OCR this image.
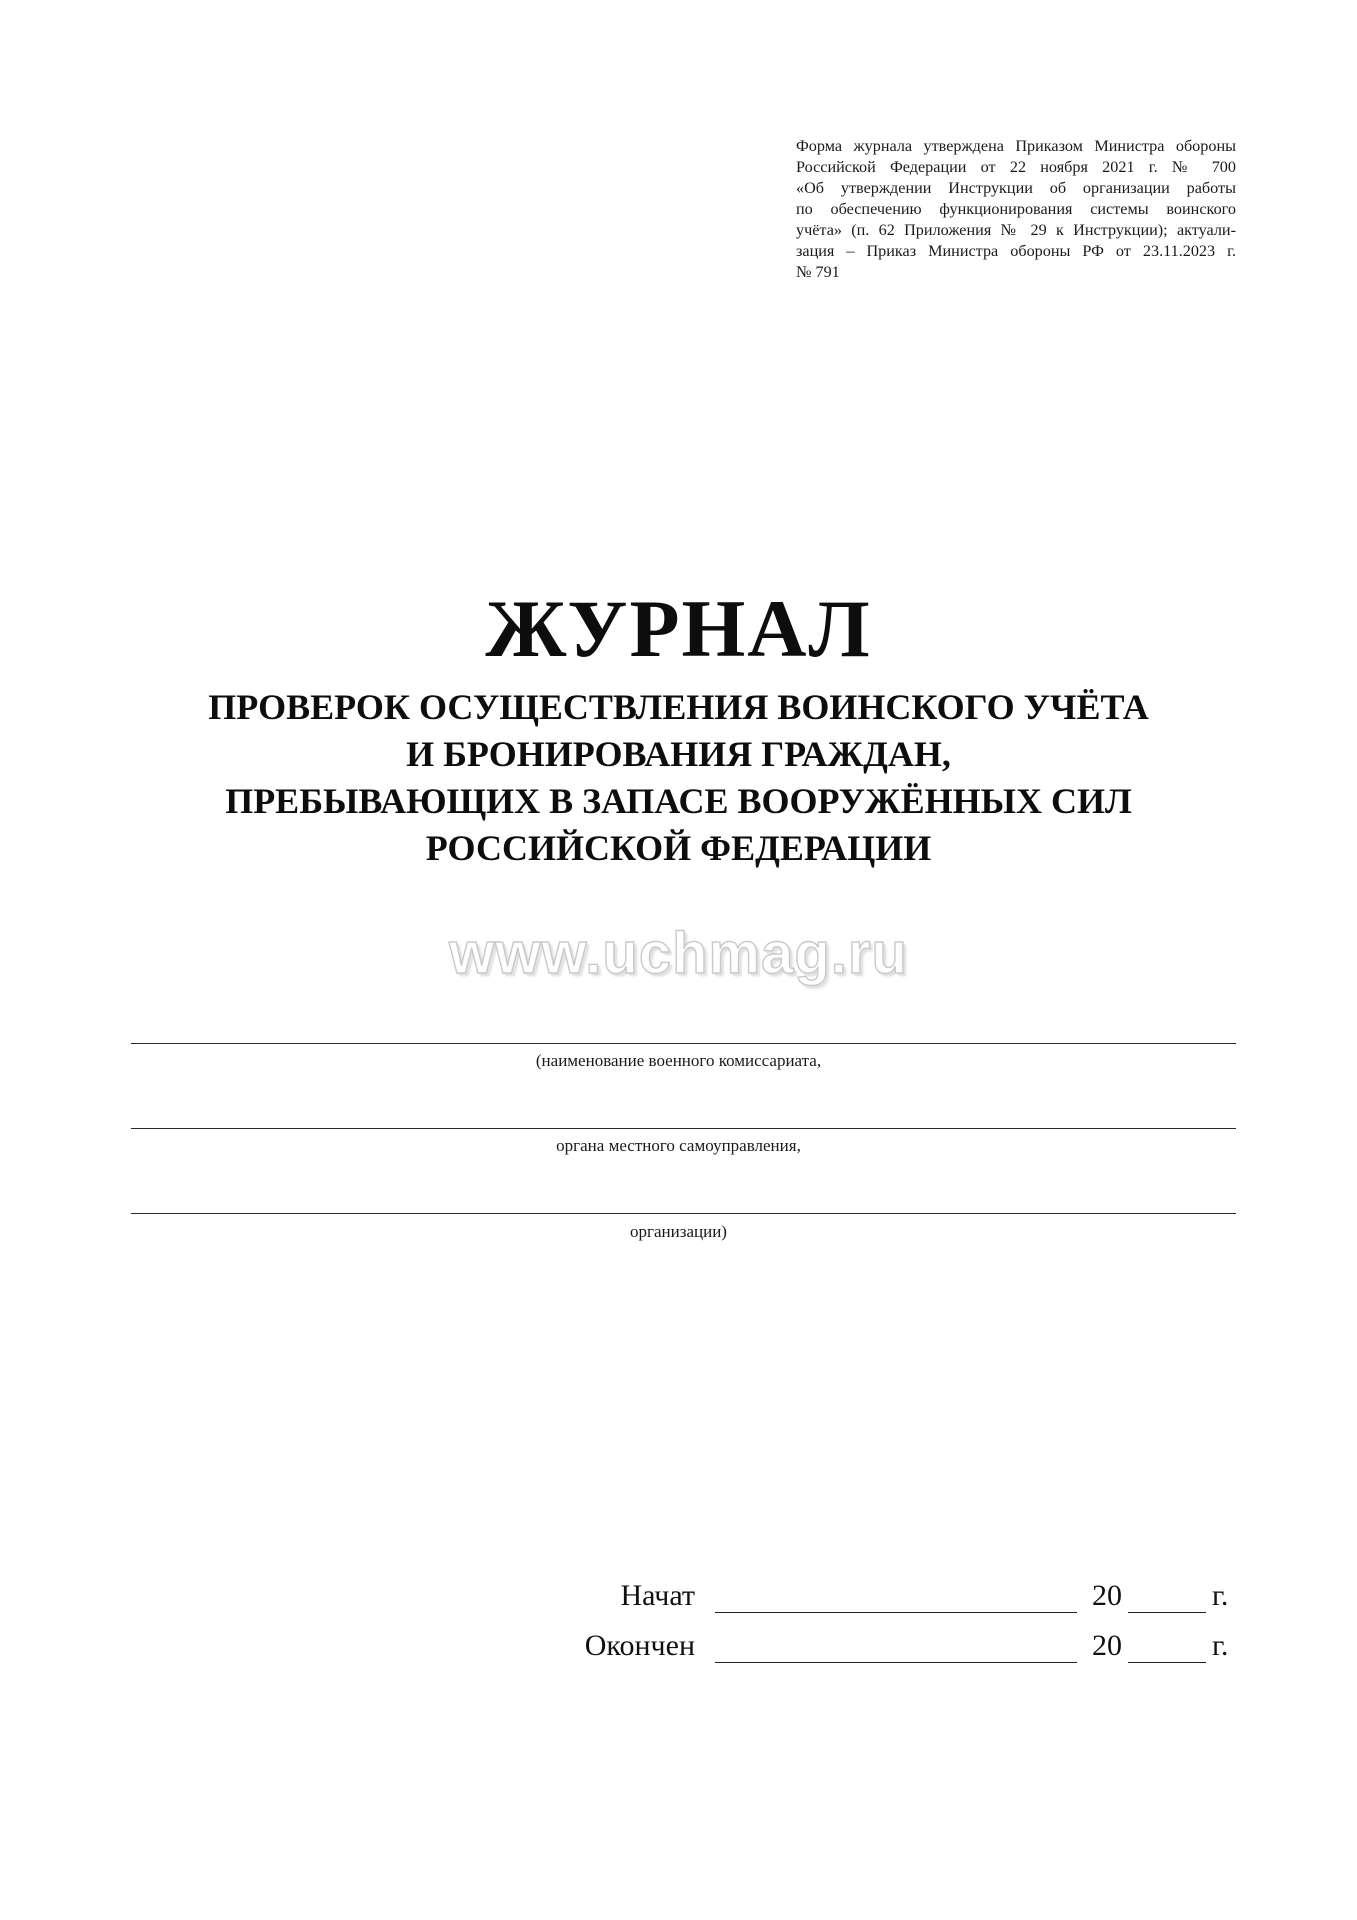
Форма журнала утверждена Приказом Министра обороны
Российской Федерации от 22 ноября 2021 г. № 700
«Об утверждении Инструкции об организации работы
по обеспечению функционирования системы воинского
учёта» (п. 62 Приложения № 29 к Инструкции); актуали-
зация – Приказ Министра обороны РФ от 23.11.2023 г.
№ 791
ЖУРНАЛ
ПРОВЕРОК ОСУЩЕСТВЛЕНИЯ ВОИНСКОГО УЧЁТА
И БРОНИРОВАНИЯ ГРАЖДАН,
ПРЕБЫВАЮЩИХ В ЗАПАСЕ ВООРУЖЁННЫХ СИЛ
РОССИЙСКОЙ ФЕДЕРАЦИИ
www.uchmag.ru
(наименование военного комиссариата,
органа местного самоуправления,
организации)
Начат	20	г.
Окончен	20	г.
